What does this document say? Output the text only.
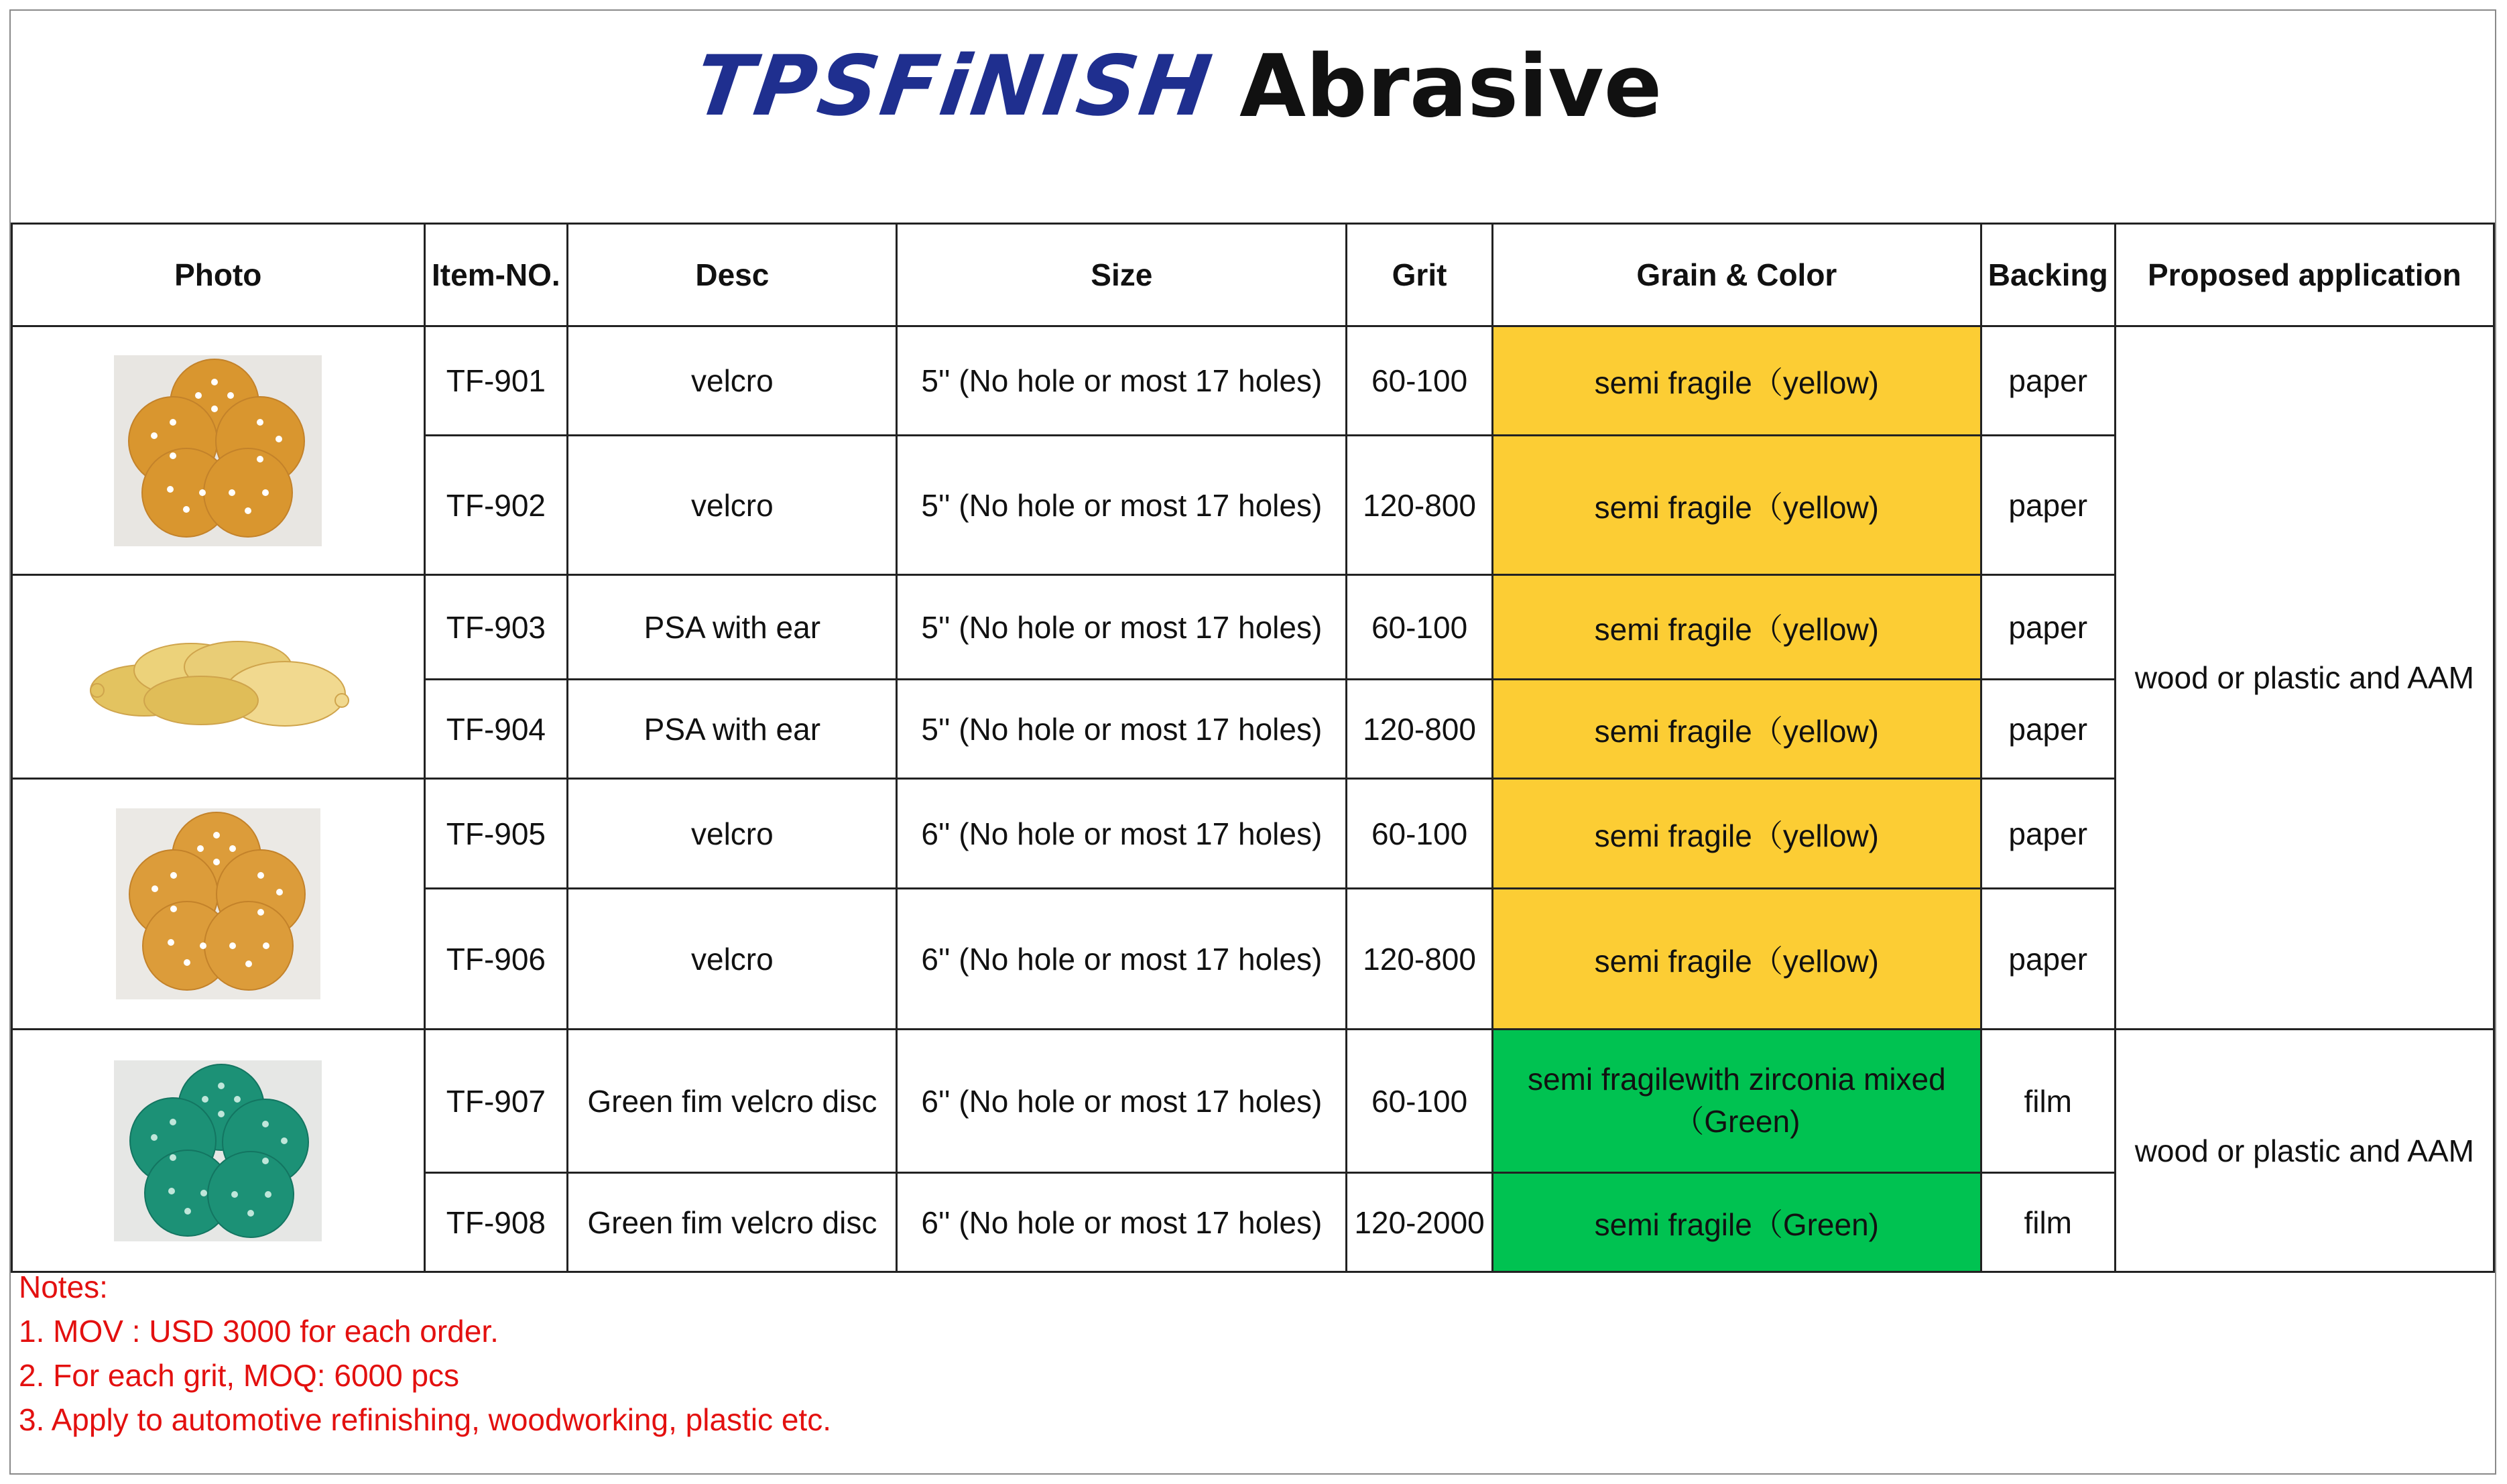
TPSFiNISH Abrasive
Photo	Item-NO.	Desc	Size	Grit	Grain & Color	Backing	Proposed application

	TF-901	velcro	5'' (No hole or most 17 holes)	60-100	semi fragile（yellow)	paper	wood or plastic and AAM
	TF-902	velcro	5'' (No hole or most 17 holes)	120-800	semi fragile（yellow)	paper	

	TF-903	PSA with ear	5'' (No hole or most 17 holes)	60-100	semi fragile（yellow)	paper	
	TF-904	PSA with ear	5'' (No hole or most 17 holes)	120-800	semi fragile（yellow)	paper	

	TF-905	velcro	6'' (No hole or most 17 holes)	60-100	semi fragile（yellow)	paper	
	TF-906	velcro	6'' (No hole or most 17 holes)	120-800	semi fragile（yellow)	paper	

	TF-907	Green fim velcro disc	6'' (No hole or most 17 holes)	60-100	semi fragilewith zirconia mixed
（Green)	film	wood or plastic and AAM
	TF-908	Green fim velcro disc	6'' (No hole or most 17 holes)	120-2000	semi fragile（Green)	film	
Notes:
1. MOV : USD 3000 for each order.
2. For each grit, MOQ: 6000 pcs
3. Apply to automotive refinishing, woodworking, plastic etc.
